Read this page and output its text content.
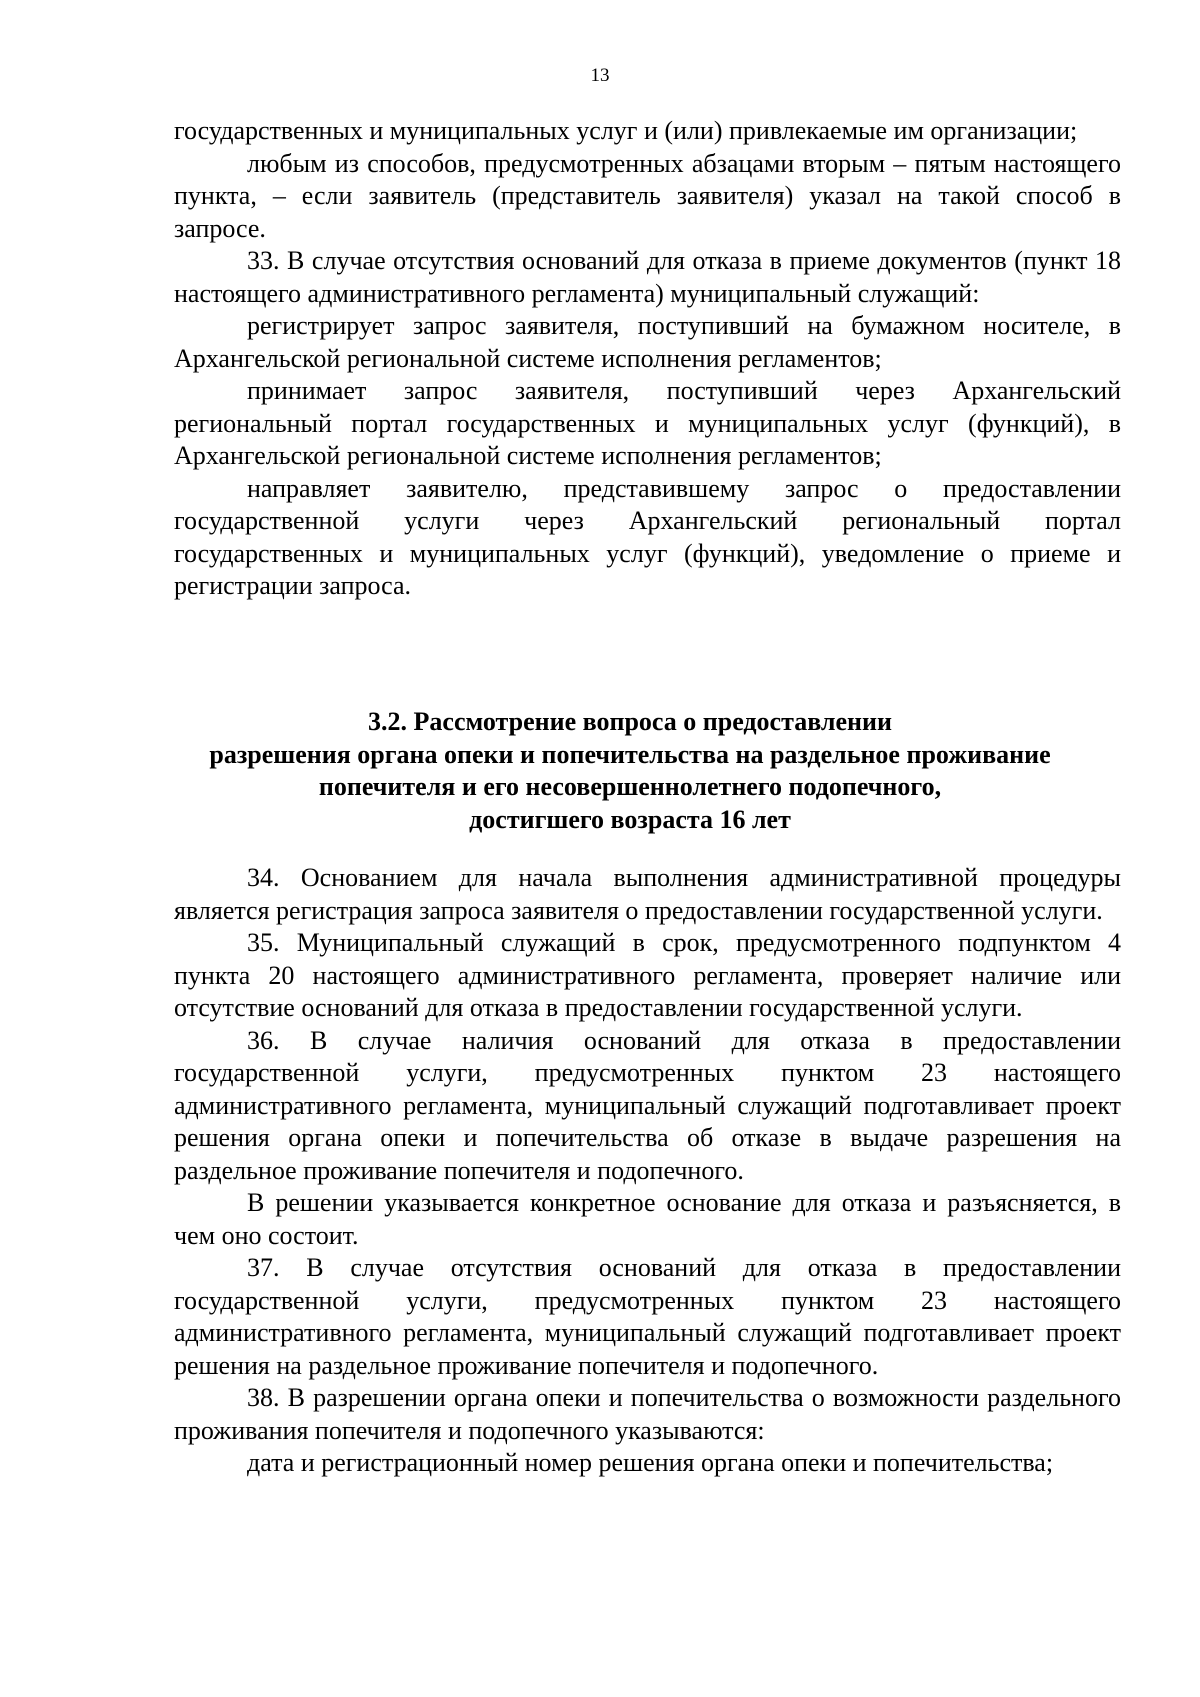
13

государственных и муниципальных услуг и (или) привлекаемые им организации;

любым из способов, предусмотренных абзацами вторым – пятым настоящего пункта, – если заявитель (представитель заявителя) указал на такой способ в запросе.

33. В случае отсутствия оснований для отказа в приеме документов (пункт 18 настоящего административного регламента) муниципальный служащий:

регистрирует запрос заявителя, поступивший на бумажном носителе, в Архангельской региональной системе исполнения регламентов;

принимает запрос заявителя, поступивший через Архангельский региональный портал государственных и муниципальных услуг (функций), в Архангельской региональной системе исполнения регламентов;

направляет заявителю, представившему запрос о предоставлении государственной услуги через Архангельский региональный портал государственных и муниципальных услуг (функций), уведомление о приеме и регистрации запроса.

3.2. Рассмотрение вопроса о предоставлении
разрешения органа опеки и попечительства на раздельное проживание
попечителя и его несовершеннолетнего подопечного,
достигшего возраста 16 лет

34. Основанием для начала выполнения административной процедуры является регистрация запроса заявителя о предоставлении государственной услуги.

35. Муниципальный служащий в срок, предусмотренного подпунктом 4 пункта 20 настоящего административного регламента, проверяет наличие или отсутствие оснований для отказа в предоставлении государственной услуги.

36. В случае наличия оснований для отказа в предоставлении государственной услуги, предусмотренных пунктом 23 настоящего административного регламента, муниципальный служащий подготавливает проект решения органа опеки и попечительства об отказе в выдаче разрешения на раздельное проживание попечителя и подопечного.

В решении указывается конкретное основание для отказа и разъясняется, в чем оно состоит.

37. В случае отсутствия оснований для отказа в предоставлении государственной услуги, предусмотренных пунктом 23 настоящего административного регламента, муниципальный служащий подготавливает проект решения на раздельное проживание попечителя и подопечного.

38. В разрешении органа опеки и попечительства о возможности раздельного проживания попечителя и подопечного указываются:

дата и регистрационный номер решения органа опеки и попечительства;
